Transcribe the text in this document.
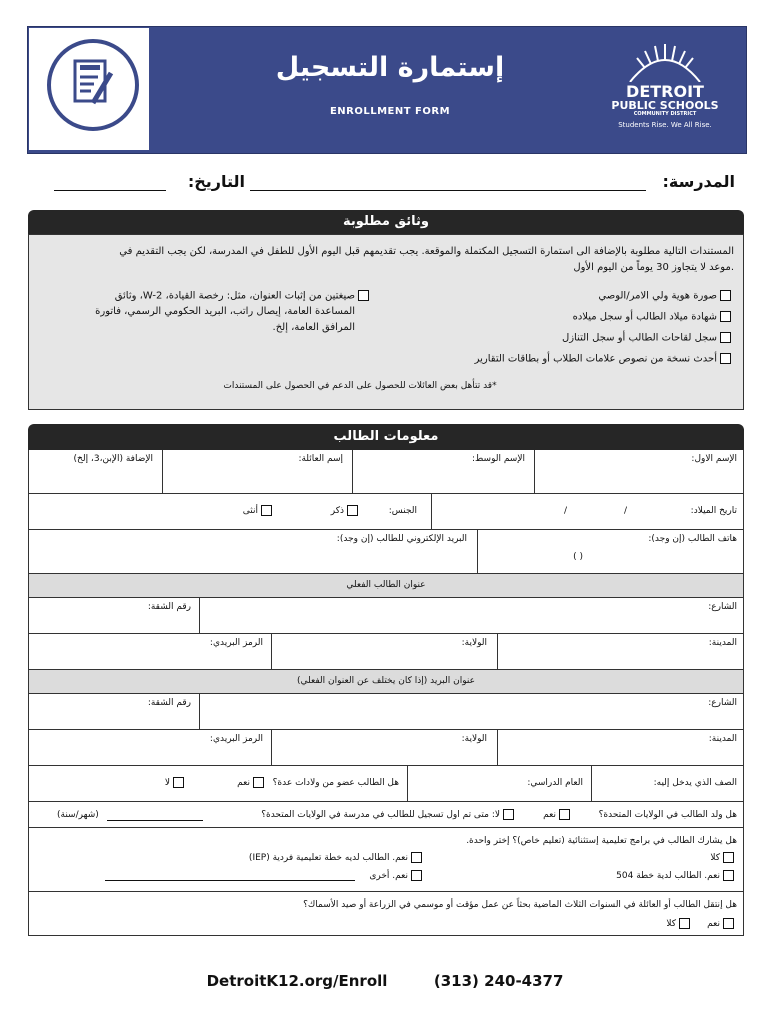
إستمارة التسجيل
ENROLLMENT FORM
DETROIT
PUBLIC SCHOOLS
COMMUNITY DISTRICT
Students Rise. We All Rise.
المدرسة:
التاريخ:
وثائق مطلوبة
المستندات التالية مطلوبة بالإضافة الى استمارة التسجيل المكتملة والموقعة. يجب تقديمهم قبل اليوم الأول للطفل في المدرسة، لكن يجب التقديم في
.موعد لا يتجاوز 30 يوماً من اليوم الأول
صورة هوية ولي الامر/الوصي
شهادة ميلاد الطالب أو سجل ميلاده
سجل لقاحات الطالب أو سجل التنازل
أحدث نسخة من نصوص علامات الطلاب أو بطاقات التقارير
صيغتين من إثبات العنوان، مثل: رخصة القيادة، W-2، وثائق
المساعدة العامة، إيصال راتب، البريد الحكومي الرسمي، فاتورة
المرافق العامة، إلخ.
*قد تتأهل بعض العائلات للحصول على الدعم في الحصول على المستندات
معلومات الطالب
الإسم الاول:
الإسم الوسط:
إسم العائلة:
الإضافة (الإبن،3، إلخ)
تاريخ الميلاد:
/
/
الجنس:
ذكر
أنثى
هاتف الطالب (إن وجد):
( )
البريد الإلكتروني للطالب (إن وجد):
عنوان الطالب الفعلي
الشارع:
رقم الشقة:
المدينة:
الولاية:
الرمز البريدي:
عنوان البريد (إذا كان يختلف عن العنوان الفعلي)
الشارع:
رقم الشقة:
المدينة:
الولاية:
الرمز البريدي:
الصف الذي يدخل إليه:
العام الدراسي:
هل الطالب عضو من ولادات عدة؟
نعم
لا
هل ولد الطالب في الولايات المتحدة؟
نعم
لا: متى تم اول تسجيل للطالب في مدرسة في الولايات المتحدة؟
(شهر/سنة)
هل يشارك الطالب في برامج تعليمية إستثنائية (تعليم خاص)؟ إختر واحدة.
كلا
نعم. الطالب لدية خطة 504
نعم. الطالب لديه خطة تعليمية فردية (IEP)
نعم. أخرى
هل إنتقل الطالب أو العائلة في السنوات الثلاث الماضية بحثاً عن عمل مؤقت أو موسمي في الزراعة أو صيد الأسماك؟
نعم
كلا
DetroitK12.org/Enroll	(313) 240-4377
